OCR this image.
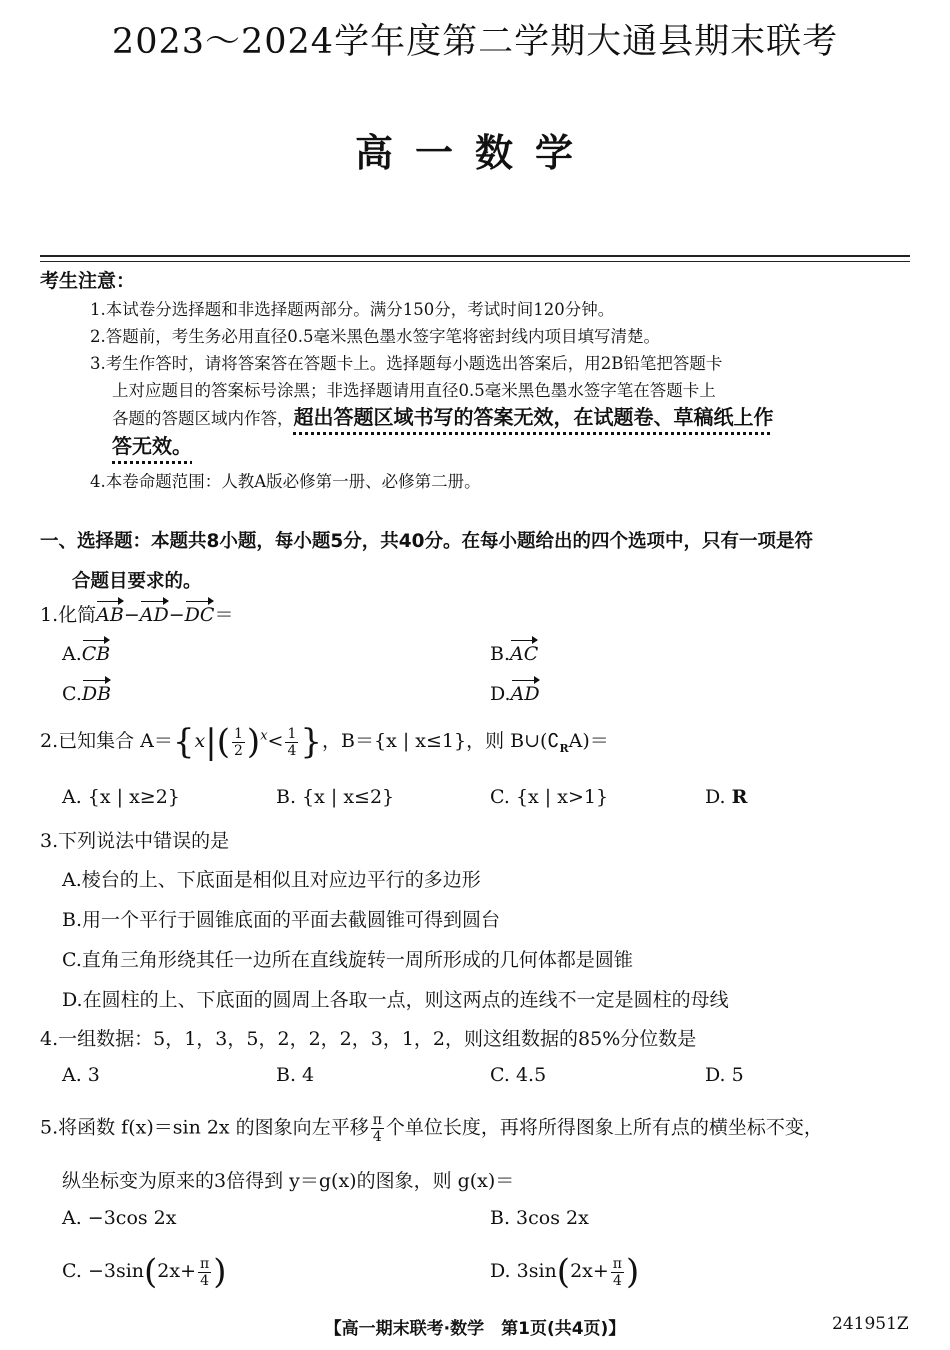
2023～2024学年度第二学期大通县期末联考
高一数学
考生注意：
1.本试卷分选择题和非选择题两部分。满分150分，考试时间120分钟。
2.答题前，考生务必用直径0.5毫米黑色墨水签字笔将密封线内项目填写清楚。
3.考生作答时，请将答案答在答题卡上。选择题每小题选出答案后，用2B铅笔把答题卡
上对应题目的答案标号涂黑；非选择题请用直径0.5毫米黑色墨水签字笔在答题卡上
各题的答题区域内作答，超出答题区域书写的答案无效，在试题卷、草稿纸上作
答无效。
4.本卷命题范围：人教A版必修第一册、必修第二册。
一、选择题：本题共8小题，每小题5分，共40分。在每小题给出的四个选项中，只有一项是符
合题目要求的。
1.化简AB−AD−DC＝
A.CB	B.AC
C.DB	D.AD
2.已知集合 $A=\{x|( \frac{1}{2} )^x< \frac{1}{4}$ }，B＝{x | x≤1}，则 $B\cup(∁_RA)=$
A. {x | x≥2}	B. {x | x≤2}	C. {x | x>1}	D. R
3.下列说法中错误的是
A.棱台的上、下底面是相似且对应边平行的多边形
B.用一个平行于圆锥底面的平面去截圆锥可得到圆台
C.直角三角形绕其任一边所在直线旋转一周所形成的几何体都是圆锥
D.在圆柱的上、下底面的圆周上各取一点，则这两点的连线不一定是圆柱的母线
4.一组数据：5，1，3，5，2，2，2，3，1，2，则这组数据的85%分位数是
A. 3	B. 4	C. 4.5	D. 5
5.将函数 f(x)＝sin 2x 的图象向左平移 $\frac{\pi}{4}$ 个单位长度，再将所得图象上所有点的横坐标不变，
纵坐标变为原来的3倍得到 y＝g(x)的图象，则 g(x)＝
A. −3cos 2x	B. 3cos 2x
C. $-3\sin(2x+ \frac{\pi}{4}$ )	D. $3\sin(2x+ \frac{\pi}{4}$ )
【高一期末联考·数学　第1页(共4页)】	241951Z
